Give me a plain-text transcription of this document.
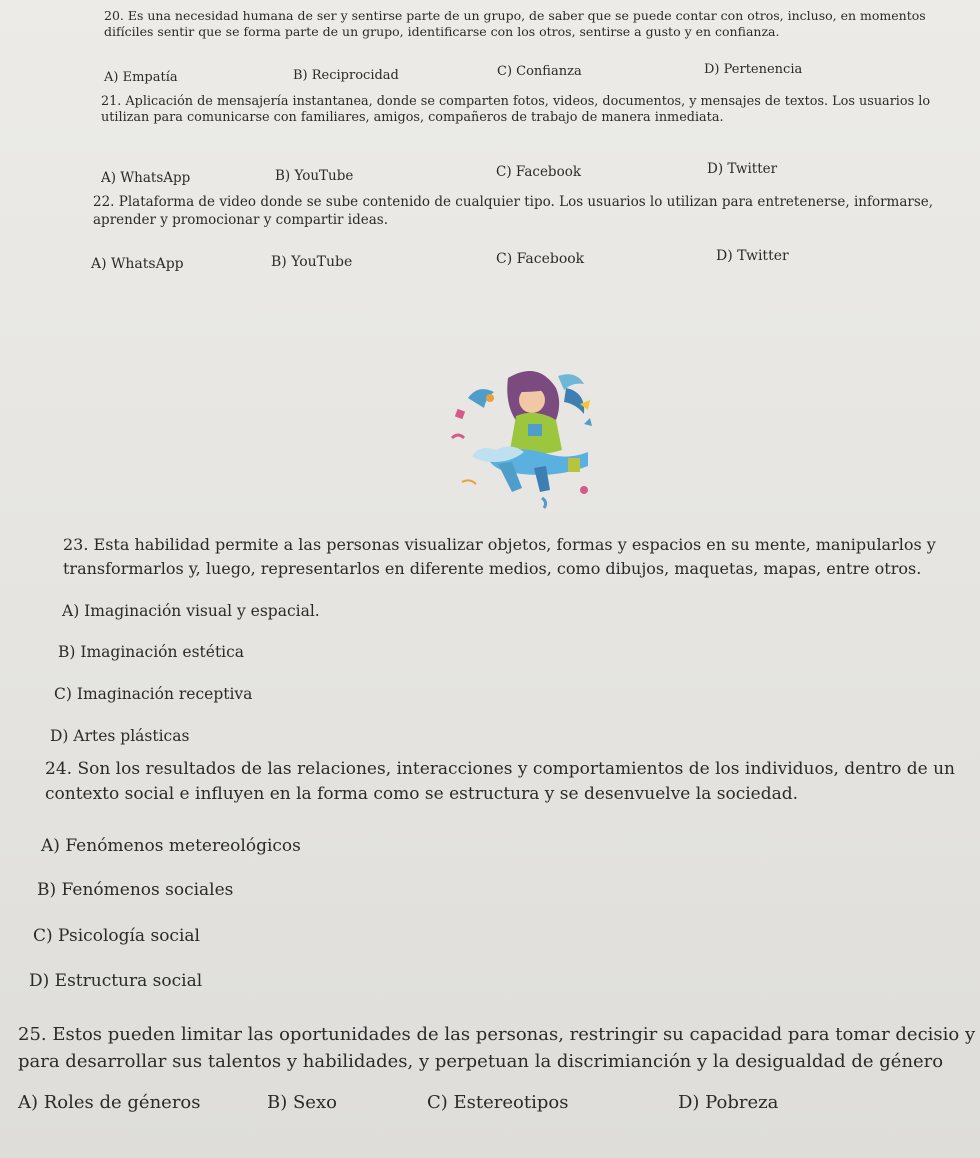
20. Es una necesidad humana de ser y sentirse parte de un grupo, de saber que se puede contar con otros, incluso, en momentos difíciles sentir que se forma parte de un grupo, identificarse con los otros, sentirse a gusto y en confianza.
A) Empatía	B) Reciprocidad	C) Confianza	D) Pertenencia
21. Aplicación de mensajería instantanea, donde se comparten fotos, videos, documentos, y mensajes de textos. Los usuarios lo utilizan para comunicarse con familiares, amigos, compañeros de trabajo de manera inmediata.
A) WhatsApp	B) YouTube	C) Facebook	D) Twitter
22. Plataforma de video donde se sube contenido de cualquier tipo. Los usuarios lo utilizan para entretenerse, informarse, aprender y promocionar y compartir ideas.
A) WhatsApp	B) YouTube	C) Facebook	D) Twitter
23. Esta habilidad permite a las personas visualizar objetos, formas y espacios en su mente, manipularlos y transformarlos y, luego, representarlos en diferente medios, como dibujos, maquetas, mapas, entre otros.
A) Imaginación visual y espacial.
B) Imaginación estética
C) Imaginación receptiva
D) Artes plásticas
24. Son los resultados de las relaciones, interacciones y comportamientos de los individuos, dentro de un contexto social e influyen en la forma como se estructura y se desenvuelve la sociedad.
A) Fenómenos metereológicos
B) Fenómenos sociales
C) Psicología social
D) Estructura social
25. Estos pueden limitar las oportunidades de las personas, restringir su capacidad para tomar decisio y para desarrollar sus talentos y habilidades, y perpetuan la discrimianción y la desigualdad de género
A) Roles de géneros	B) Sexo	C) Estereotipos	D) Pobreza
